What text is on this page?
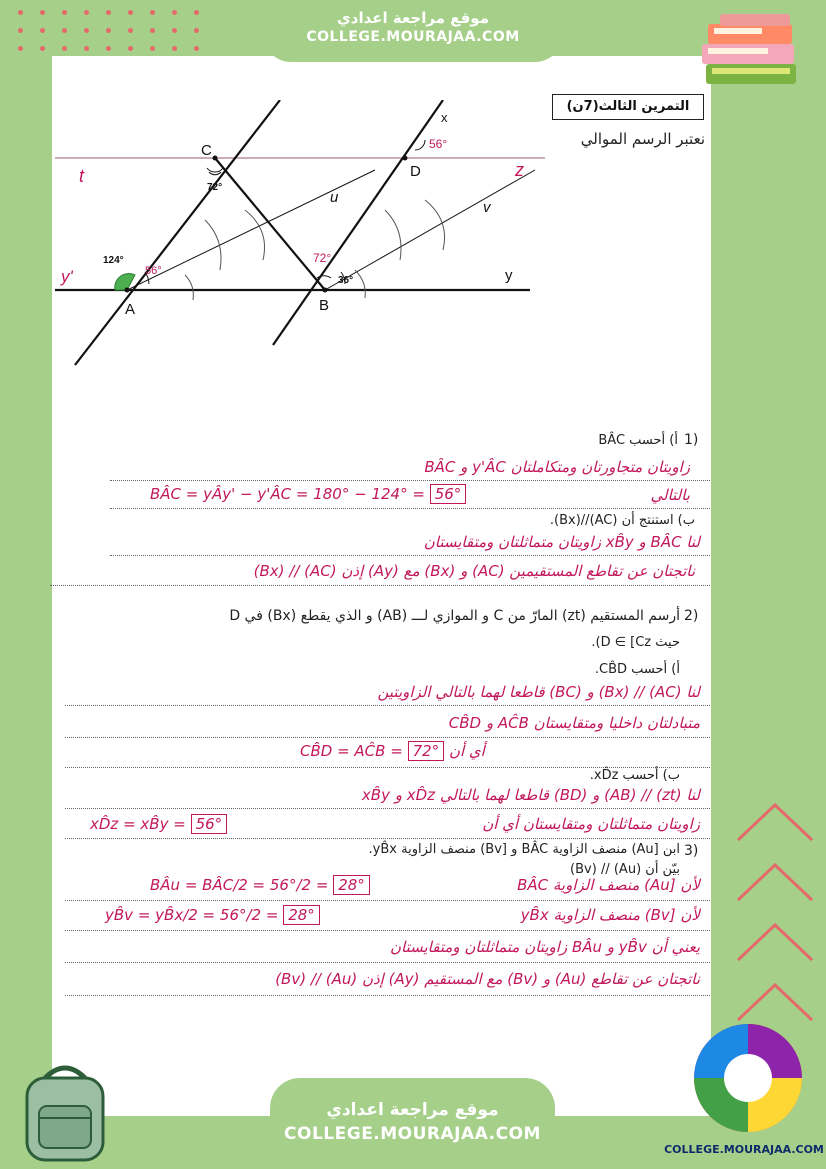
موقع مراجعة اعدادي
COLLEGE.MOURAJAA.COM
التمرين الثالث(7ن)
نعتبر الرسم الموالي
C
D
A	B
t	z
y'	y
x
u
v
124°
72°
56°
72°
56°
36°
1)
أ) أحسب BÂC
زاويتان متجاورتان ومتكاملتان y'ÂC و BÂC
BÂC = yÂy' − y'ÂC = 180° − 124° = 56°	بالتالي
ب) استنتج أن (AC)//(Bx).
لنا BÂC و xB̂y زاويتان متماثلتان ومتقايستان
ناتجتان عن تقاطع المستقيمين (AC) و (Bx) مع (Ay) إذن (AC) // (Bx)
2)
أرسم المستقيم (zt) المارّ من C و الموازي لـــ (AB) و الذي يقطع (Bx) في D
حيث D ∈ [Cz).
أ) أحسب CB̂D.
لنا (AC) // (Bx) و (BC) قاطعا لهما بالتالي الزاويتين
متبادلتان داخليا ومتقايستان AĈB و CB̂D
CB̂D = AĈB = 72° أي أن
ب) أحسب xD̂z.
لنا (zt) // (AB) و (BD) قاطعا لهما بالتالي xD̂z و xB̂y
زاويتان متماثلتان ومتقايستان أي أن
xD̂z = xB̂y = 56°
3)
ابن [Au) منصف الزاوية BÂC و [Bv) منصف الزاوية yB̂x.
بيّن أن (Au) // (Bv)
BÂu = BÂC/2 = 56°/2 = 28°	لأن [Au) منصف الزاوية BÂC
yB̂v = yB̂x/2 = 56°/2 = 28°	لأن [Bv) منصف الزاوية yB̂x
يعني أن yB̂v و BÂu زاويتان متماثلتان ومتقايستان
ناتجتان عن تقاطع (Au) و (Bv) مع المستقيم (Ay) إذن (Au) // (Bv)
موقع مراجعة اعدادي
COLLEGE.MOURAJAA.COM
COLLEGE.MOURAJAA.COM
